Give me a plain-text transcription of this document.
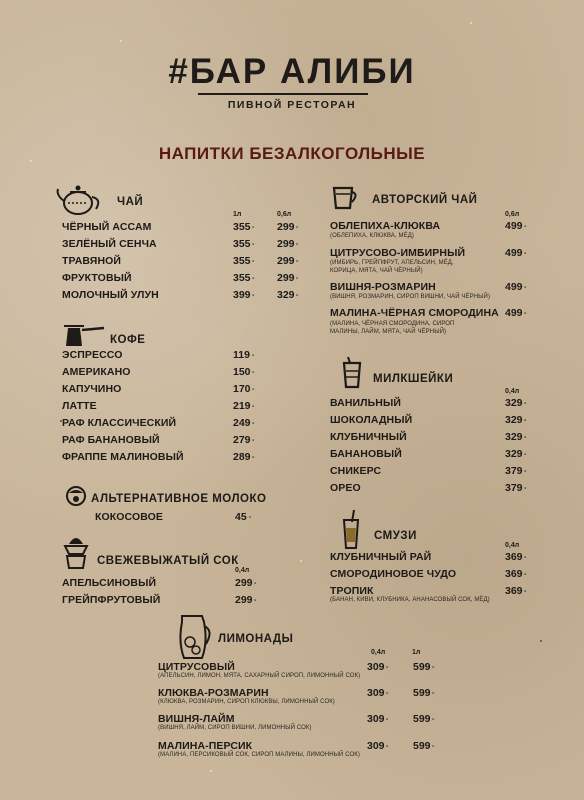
#БАР АЛИБИ
ПИВНОЙ РЕСТОРАН
НАПИТКИ БЕЗАЛКОГОЛЬНЫЕ
ЧАЙ
1л	0,6л
ЧЁРНЫЙ АССАМ	355 - 299 -
ЗЕЛЁНЫЙ СЕНЧА	355 - 299 -
ТРАВЯНОЙ	355 - 299 -
ФРУКТОВЫЙ	355 - 299 -
МОЛОЧНЫЙ УЛУН	399 - 329 -
КОФЕ
ЭСПРЕССО	119 -
АМЕРИКАНО	150 -
КАПУЧИНО	170 -
ЛАТТЕ	219 -
РАФ КЛАССИЧЕСКИЙ	249 -
РАФ БАНАНОВЫЙ	279 -
ФРАППЕ МАЛИНОВЫЙ	289 -
АЛЬТЕРНАТИВНОЕ МОЛОКО
КОКОСОВОЕ	45 -
СВЕЖЕВЫЖАТЫЙ СОК
0,4л
АПЕЛЬСИНОВЫЙ	299 -
ГРЕЙПФРУТОВЫЙ	299 -
АВТОРСКИЙ ЧАЙ
0,6л
ОБЛЕПИХА-КЛЮКВА
(ОБЛЕПИХА, КЛЮКВА, МЁД)
499 -
ЦИТРУСОВО-ИМБИРНЫЙ
(ИМБИРЬ, ГРЕЙПФРУТ, АПЕЛЬСИН, МЁД, КОРИЦА, МЯТА, ЧАЙ ЧЁРНЫЙ)
499 -
ВИШНЯ-РОЗМАРИН
(ВИШНЯ, РОЗМАРИН, СИРОП ВИШНИ, ЧАЙ ЧЁРНЫЙ)
499 -
МАЛИНА-ЧЁРНАЯ СМОРОДИНА
(МАЛИНА, ЧЁРНАЯ СМОРОДИНА, СИРОП МАЛИНЫ, ЛАЙМ, МЯТА, ЧАЙ ЧЁРНЫЙ)
499 -
МИЛКШЕЙКИ
0,4л
ВАНИЛЬНЫЙ	329 -
ШОКОЛАДНЫЙ	329 -
КЛУБНИЧНЫЙ	329 -
БАНАНОВЫЙ	329 -
СНИКЕРС	379 -
ОРЕО	379 -
СМУЗИ
0,4л
КЛУБНИЧНЫЙ РАЙ	369 -
СМОРОДИНОВОЕ ЧУДО	369 -
ТРОПИК
(БАНАН, КИВИ, КЛУБНИКА, АНАНАСОВЫЙ СОК, МЁД)
369 -
ЛИМОНАДЫ
0,4л	1л
ЦИТРУСОВЫЙ
(АПЕЛЬСИН, ЛИМОН, МЯТА, САХАРНЫЙ СИРОП, ЛИМОННЫЙ СОК)
309 - 599 -
КЛЮКВА-РОЗМАРИН
(КЛЮКВА, РОЗМАРИН, СИРОП КЛЮКВЫ, ЛИМОННЫЙ СОК)
309 - 599 -
ВИШНЯ-ЛАЙМ
(ВИШНЯ, ЛАЙМ, СИРОП ВИШНИ, ЛИМОННЫЙ СОК)
309 - 599 -
МАЛИНА-ПЕРСИК
(МАЛИНА, ПЕРСИКОВЫЙ СОК, СИРОП МАЛИНЫ, ЛИМОННЫЙ СОК)
309 - 599 -
